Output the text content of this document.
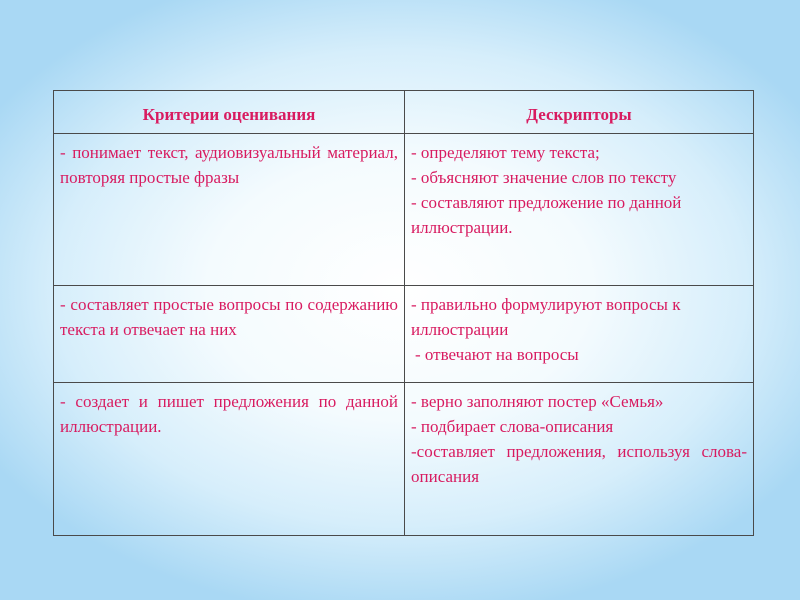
Критерии оценивания	Дескрипторы
- понимает текст, аудиовизуальный материал, повторяя простые фразы	- определяют тему текста;
- объясняют значение слов по тексту
- составляют предложение по данной иллюстрации.

- составляет простые вопросы по содержанию текста и отвечает на них	- правильно формулируют вопросы к иллюстрации
- отвечают на вопросы

- создает и пишет предложения по данной иллюстрации.	- верно заполняют постер «Семья»
- подбирает слова-описания
-составляет предложения, используя слова-описания
